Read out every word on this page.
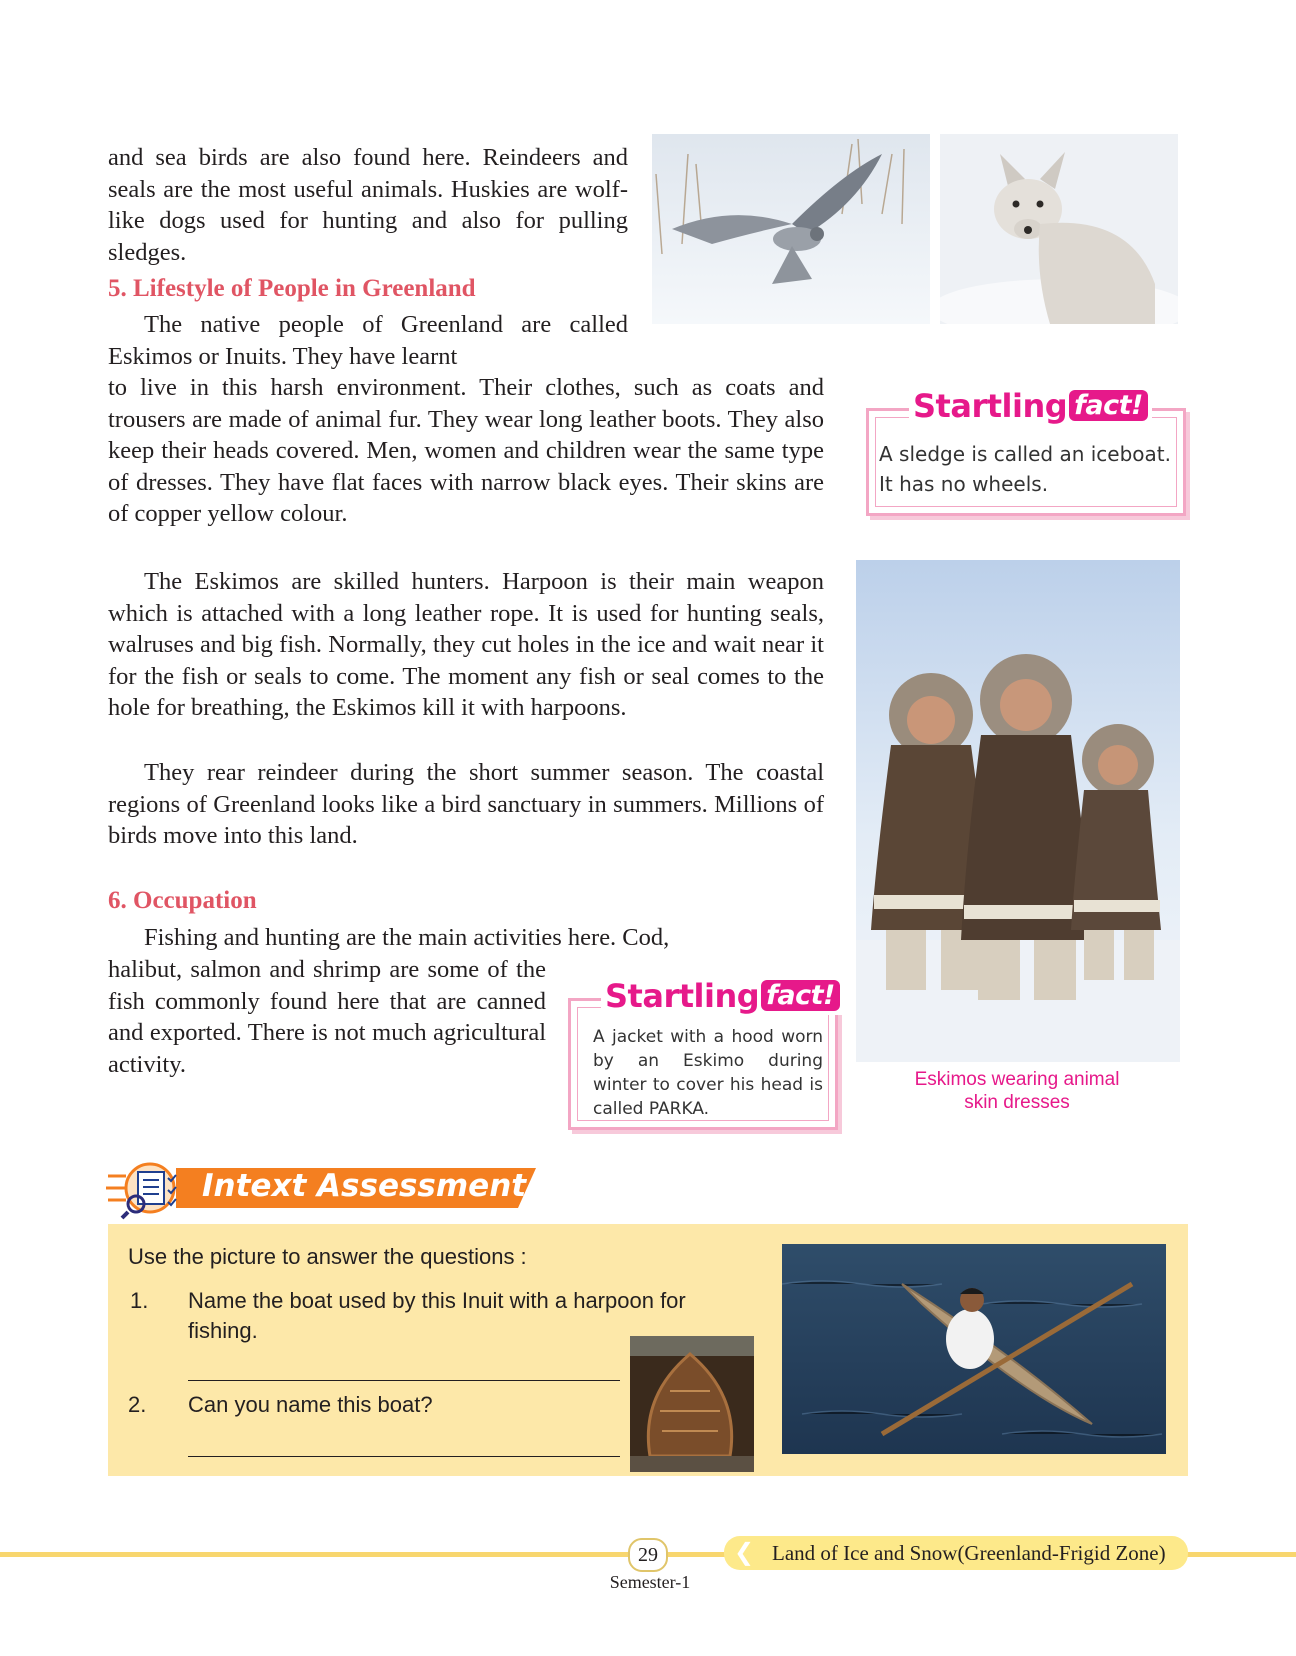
and sea birds are also found here. Reindeers and seals are the most useful animals. Huskies are wolf-like dogs used for hunting and also for pulling sledges.

5. Lifestyle of People in Greenland

The native people of Greenland are called Eskimos or Inuits. They have learnt

to live in this harsh environment. Their clothes, such as coats and trousers are made of animal fur. They wear long leather boots. They also keep their heads covered. Men, women and children wear the same type of dresses. They have flat faces with narrow black eyes. Their skins are of copper yellow colour.

The Eskimos are skilled hunters. Harpoon is their main weapon which is attached with a long leather rope. It is used for hunting seals, walruses and big fish. Normally, they cut holes in the ice and wait near it for the fish or seals to come. The moment any fish or seal comes to the hole for breathing, the Eskimos kill it with harpoons.

They rear reindeer during the short summer season. The coastal regions of Greenland looks like a bird sanctuary in summers. Millions of birds move into this land.

6. Occupation

Fishing and hunting are the main activities here. Cod,

halibut, salmon and shrimp are some of the fish commonly found here that are canned and exported. There is not much agricultural activity.

Startling fact!

A sledge is called an iceboat. It has no wheels.

Eskimos wearing animal
skin dresses
Startling fact!

A jacket with a hood worn by an Eskimo during winter to cover his head is called PARKA.

Intext Assessment
Use the picture to answer the questions :
1. Name the boat used by this Inuit with a harpoon for
fishing.
2. Can you name this boat?
29
Semester-1
❮ Land of Ice and Snow(Greenland-Frigid Zone)
